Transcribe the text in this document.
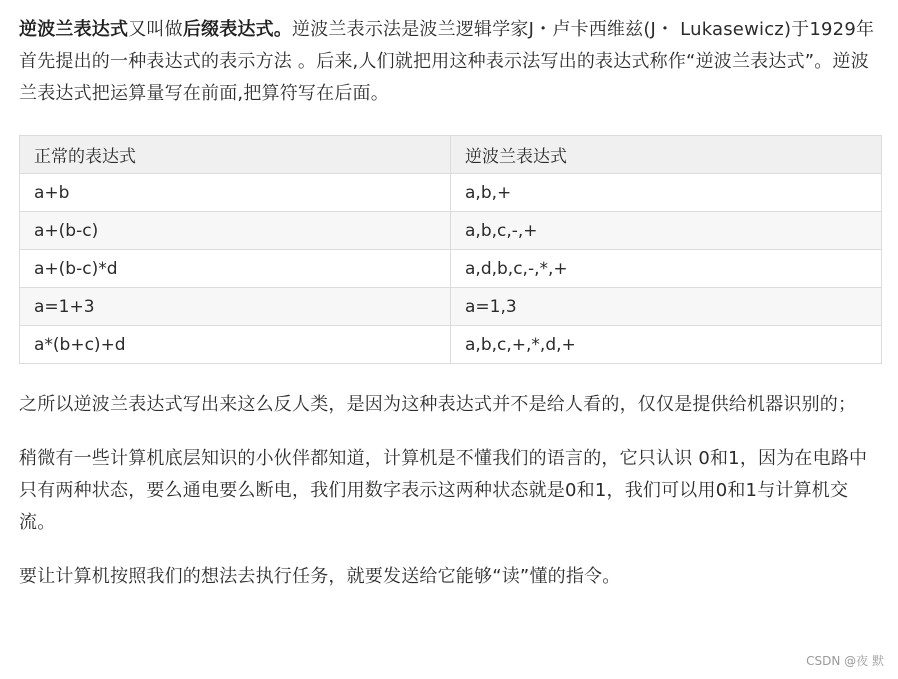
逆波兰表达式又叫做后缀表达式。逆波兰表示法是波兰逻辑学家J・卢卡西维兹(J・ Lukasewicz)于1929年首先提出的一种表达式的表示方法 。后来,人们就把用这种表示法写出的表达式称作“逆波兰表达式”。逆波兰表达式把运算量写在前面,把算符写在后面。

正常的表达式	逆波兰表达式
a+b	a,b,+
a+(b-c)	a,b,c,-,+
a+(b-c)*d	a,d,b,c,-,*,+
a=1+3	a=1,3
a*(b+c)+d	a,b,c,+,*,d,+

之所以逆波兰表达式写出来这么反人类，是因为这种表达式并不是给人看的，仅仅是提供给机器识别的；

稍微有一些计算机底层知识的小伙伴都知道，计算机是不懂我们的语言的，它只认识 0和1，因为在电路中只有两种状态，要么通电要么断电，我们用数字表示这两种状态就是0和1，我们可以用0和1与计算机交流。

要让计算机按照我们的想法去执行任务，就要发送给它能够“读”懂的指令。

CSDN @夜 默
